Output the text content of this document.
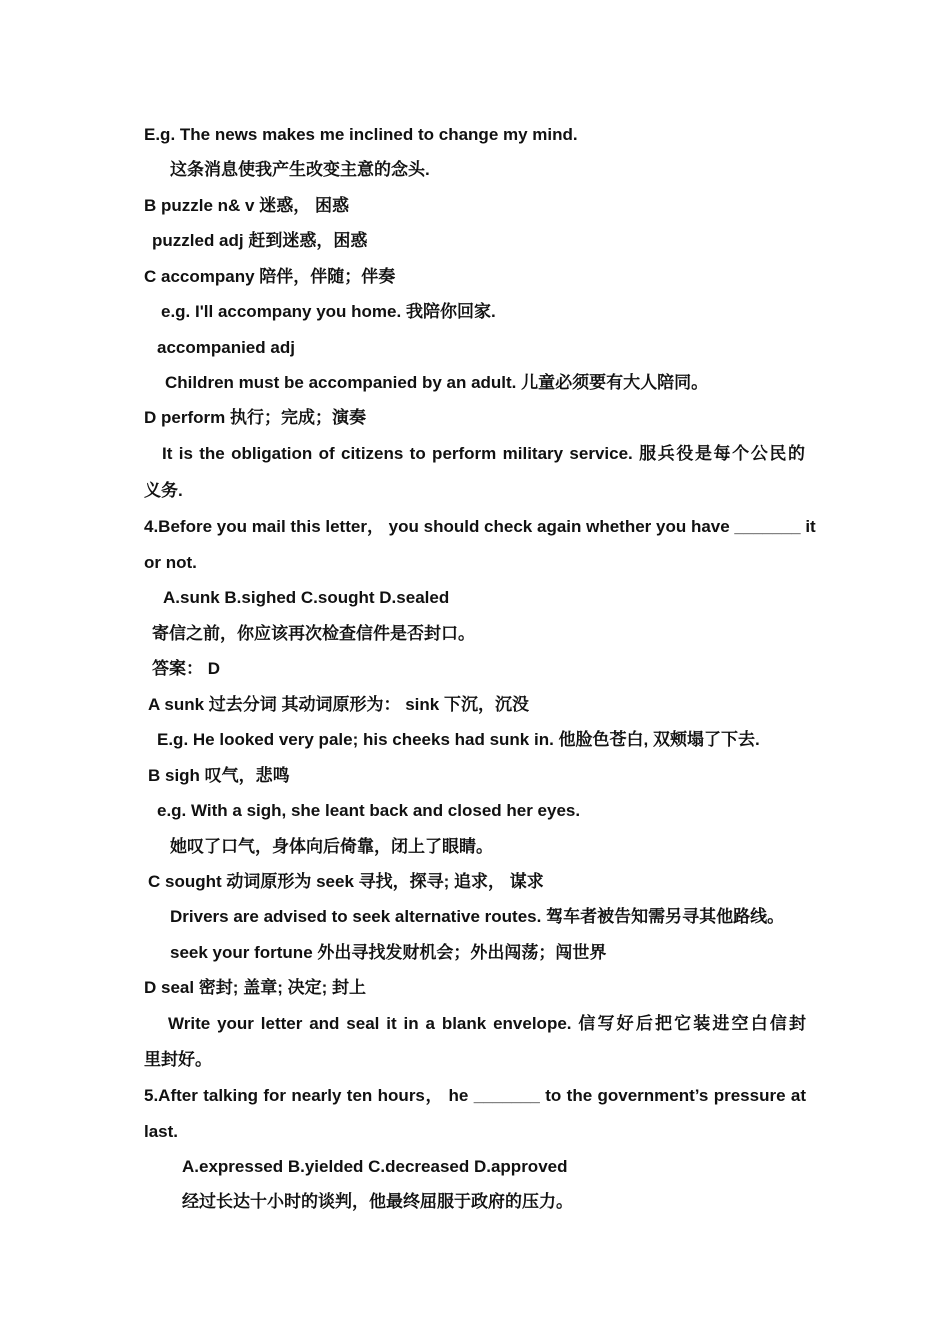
E.g. The news makes me inclined to change my mind.
这条消息使我产生改变主意的念头.
B puzzle n& v 迷惑， 困惑
puzzled adj 赶到迷惑，困惑
C accompany 陪伴，伴随；伴奏
e.g. I'll accompany you home. 我陪你回家.
accompanied adj
Children must be accompanied by an adult. 儿童必须要有大人陪同。
D perform 执行；完成；演奏
It is the obligation of citizens to perform military service. 服兵役是每个公民的
义务.
4.Before you mail this letter， you should check again whether you have _______ it
or not.
A.sunk B.sighed C.sought D.sealed
寄信之前，你应该再次检查信件是否封口。
答案： D
A sunk 过去分词 其动词原形为： sink 下沉，沉没
E.g. He looked very pale; his cheeks had sunk in. 他脸色苍白, 双颊塌了下去.
B sigh 叹气，悲鸣
e.g. With a sigh, she leant back and closed her eyes.
她叹了口气，身体向后倚靠，闭上了眼睛。
C sought 动词原形为 seek 寻找，探寻; 追求， 谋求
Drivers are advised to seek alternative routes. 驾车者被告知需另寻其他路线。
seek your fortune 外出寻找发财机会；外出闯荡；闯世界
D seal 密封; 盖章; 决定; 封上
Write your letter and seal it in a blank envelope. 信写好后把它装进空白信封
里封好。
5.After talking for nearly ten hours， he _______ to the government’s pressure at
last.
A.expressed B.yielded C.decreased D.approved
经过长达十小时的谈判，他最终屈服于政府的压力。
